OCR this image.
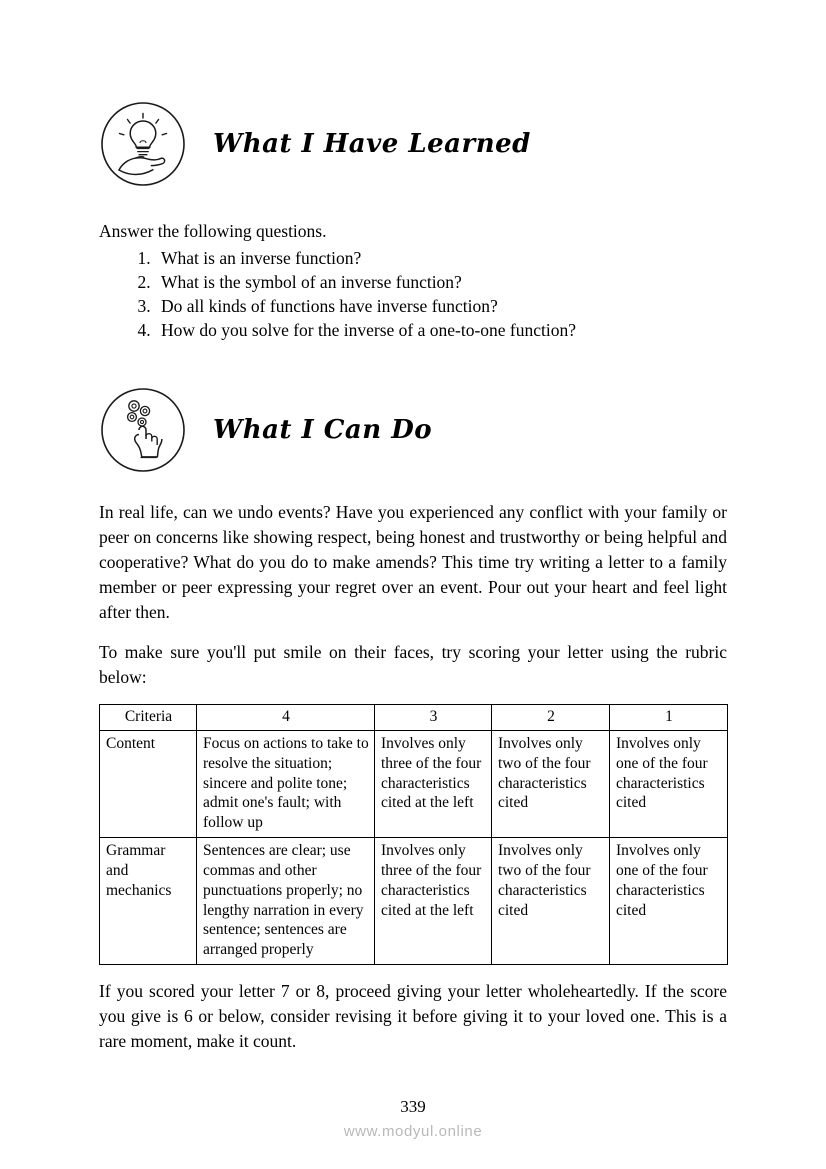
What I Have Learned
Answer the following questions.
1. What is an inverse function?
2. What is the symbol of an inverse function?
3. Do all kinds of functions have inverse function?
4. How do you solve for the inverse of a one-to-one function?
What I Can Do
In real life, can we undo events? Have you experienced any conflict with your family or peer on concerns like showing respect, being honest and trustworthy or being helpful and cooperative? What do you do to make amends? This time try writing a letter to a family member or peer expressing your regret over an event. Pour out your heart and feel light after then.
To make sure you'll put smile on their faces, try scoring your letter using the rubric below:
Criteria	4	3	2	1
Content	Focus on actions to take to resolve the situation; sincere and polite tone; admit one's fault; with follow up	Involves only three of the four characteristics cited at the left	Involves only two of the four characteristics cited	Involves only one of the four characteristics cited
Grammar and mechanics	Sentences are clear; use commas and other punctuations properly; no lengthy narration in every sentence; sentences are arranged properly	Involves only three of the four characteristics cited at the left	Involves only two of the four characteristics cited	Involves only one of the four characteristics cited
If you scored your letter 7 or 8, proceed giving your letter wholeheartedly. If the score you give is 6 or below, consider revising it before giving it to your loved one. This is a rare moment, make it count.
339
www.modyul.online
